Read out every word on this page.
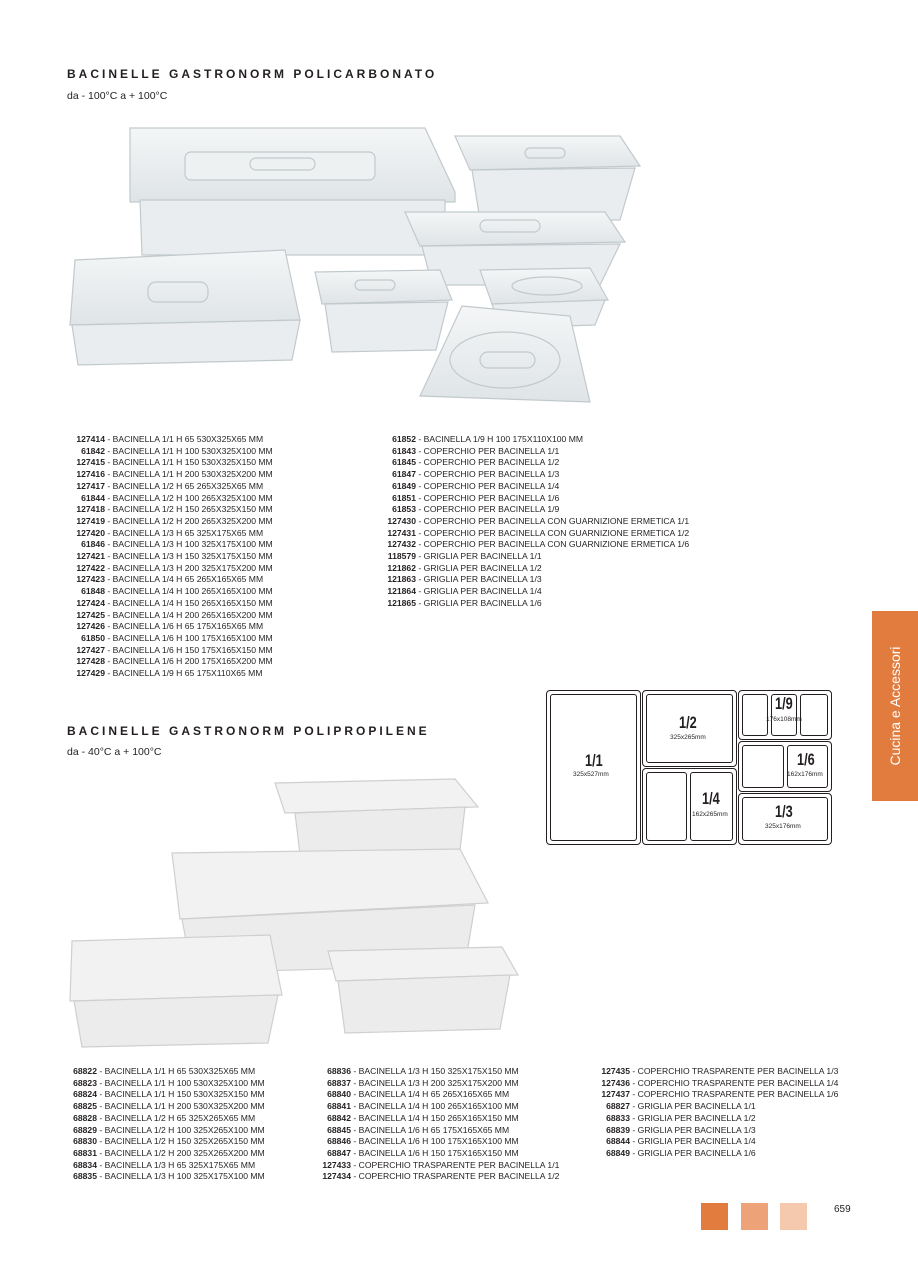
BACINELLE GASTRONORM POLICARBONATO
da - 100°C a + 100°C
127414 - BACINELLA 1/1 H 65 530X325X65 MM
61842 - BACINELLA 1/1 H 100 530X325X100 MM
127415 - BACINELLA 1/1 H 150 530X325X150 MM
127416 - BACINELLA 1/1 H 200 530X325X200 MM
127417 - BACINELLA 1/2 H 65 265X325X65 MM
61844 - BACINELLA 1/2 H 100 265X325X100 MM
127418 - BACINELLA 1/2 H 150 265X325X150 MM
127419 - BACINELLA 1/2 H 200 265X325X200 MM
127420 - BACINELLA 1/3 H 65 325X175X65 MM
61846 - BACINELLA 1/3 H 100 325X175X100 MM
127421 - BACINELLA 1/3 H 150 325X175X150 MM
127422 - BACINELLA 1/3 H 200 325X175X200 MM
127423 - BACINELLA 1/4 H 65 265X165X65 MM
61848 - BACINELLA 1/4 H 100 265X165X100 MM
127424 - BACINELLA 1/4 H 150 265X165X150 MM
127425 - BACINELLA 1/4 H 200 265X165X200 MM
127426 - BACINELLA 1/6 H 65 175X165X65 MM
61850 - BACINELLA 1/6 H 100 175X165X100 MM
127427 - BACINELLA 1/6 H 150 175X165X150 MM
127428 - BACINELLA 1/6 H 200 175X165X200 MM
127429 - BACINELLA 1/9 H 65 175X110X65 MM
61852 - BACINELLA 1/9 H 100 175X110X100 MM
61843 - COPERCHIO PER BACINELLA 1/1
61845 - COPERCHIO PER BACINELLA 1/2
61847 - COPERCHIO PER BACINELLA 1/3
61849 - COPERCHIO PER BACINELLA 1/4
61851 - COPERCHIO PER BACINELLA 1/6
61853 - COPERCHIO PER BACINELLA 1/9
127430 - COPERCHIO PER BACINELLA CON GUARNIZIONE ERMETICA 1/1
127431 - COPERCHIO PER BACINELLA CON GUARNIZIONE ERMETICA 1/2
127432 - COPERCHIO PER BACINELLA CON GUARNIZIONE ERMETICA 1/6
118579 - GRIGLIA PER BACINELLA 1/1
121862 - GRIGLIA PER BACINELLA 1/2
121863 - GRIGLIA PER BACINELLA 1/3
121864 - GRIGLIA PER BACINELLA 1/4
121865 - GRIGLIA PER BACINELLA 1/6
Cucina e Accessori
BACINELLE GASTRONORM POLIPROPILENE
da - 40°C a + 100°C	1/1
325x527mm
1/2
325x265mm
1/4
162x265mm
1/9
176x108mm
1/6
162x176mm
1/3
325x176mm
68822 - BACINELLA 1/1 H 65 530X325X65 MM
68823 - BACINELLA 1/1 H 100 530X325X100 MM
68824 - BACINELLA 1/1 H 150 530X325X150 MM
68825 - BACINELLA 1/1 H 200 530X325X200 MM
68828 - BACINELLA 1/2 H 65 325X265X65 MM
68829 - BACINELLA 1/2 H 100 325X265X100 MM
68830 - BACINELLA 1/2 H 150 325X265X150 MM
68831 - BACINELLA 1/2 H 200 325X265X200 MM
68834 - BACINELLA 1/3 H 65 325X175X65 MM
68835 - BACINELLA 1/3 H 100 325X175X100 MM
68836 - BACINELLA 1/3 H 150 325X175X150 MM
68837 - BACINELLA 1/3 H 200 325X175X200 MM
68840 - BACINELLA 1/4 H 65 265X165X65 MM
68841 - BACINELLA 1/4 H 100 265X165X100 MM
68842 - BACINELLA 1/4 H 150 265X165X150 MM
68845 - BACINELLA 1/6 H 65 175X165X65 MM
68846 - BACINELLA 1/6 H 100 175X165X100 MM
68847 - BACINELLA 1/6 H 150 175X165X150 MM
127433 - COPERCHIO TRASPARENTE PER BACINELLA 1/1
127434 - COPERCHIO TRASPARENTE PER BACINELLA 1/2
127435 - COPERCHIO TRASPARENTE PER BACINELLA 1/3
127436 - COPERCHIO TRASPARENTE PER BACINELLA 1/4
127437 - COPERCHIO TRASPARENTE PER BACINELLA 1/6
68827 - GRIGLIA PER BACINELLA 1/1
68833 - GRIGLIA PER BACINELLA 1/2
68839 - GRIGLIA PER BACINELLA 1/3
68844 - GRIGLIA PER BACINELLA 1/4
68849 - GRIGLIA PER BACINELLA 1/6
659
